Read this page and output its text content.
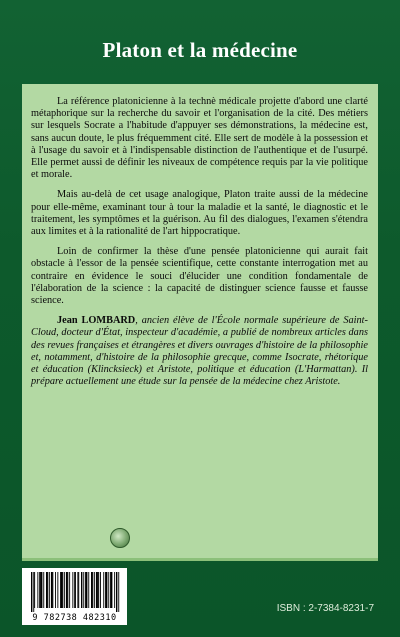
Platon et la médecine

La référence platonicienne à la technè médicale projette d'abord une clarté métaphorique sur la recherche du savoir et l'organisation de la cité. Des métiers sur lesquels Socrate a l'habitude d'appuyer ses démonstrations, la médecine est, sans aucun doute, le plus fréquemment cité. Elle sert de modèle à la possession et à l'usage du savoir et à l'indispensable distinction de l'authentique et de l'usurpé. Elle permet aussi de définir les niveaux de compétence requis par la vie politique et morale.

Mais au-delà de cet usage analogique, Platon traite aussi de la médecine pour elle-même, examinant tour à tour la maladie et la santé, le diagnostic et le traitement, les symptômes et la guérison. Au fil des dialogues, l'examen s'étendra aux limites et à la rationalité de l'art hippocratique.

Loin de confirmer la thèse d'une pensée platonicienne qui aurait fait obstacle à l'essor de la pensée scientifique, cette constante interrogation met au contraire en évidence le souci d'élucider une condition fondamentale de l'élaboration de la science : la capacité de distinguer science fausse et fausse science.

Jean LOMBARD, ancien élève de l'École normale supérieure de Saint-Cloud, docteur d'État, inspecteur d'académie, a publié de nombreux articles dans des revues françaises et étrangères et divers ouvrages d'histoire de la philosophie et, notamment, d'histoire de la philosophie grecque, comme Isocrate, rhétorique et éducation (Klincksieck) et Aristote, politique et éducation (L'Harmattan). Il prépare actuellement une étude sur la pensée de la médecine chez Aristote.

9 782738 482310
ISBN : 2-7384-8231-7
